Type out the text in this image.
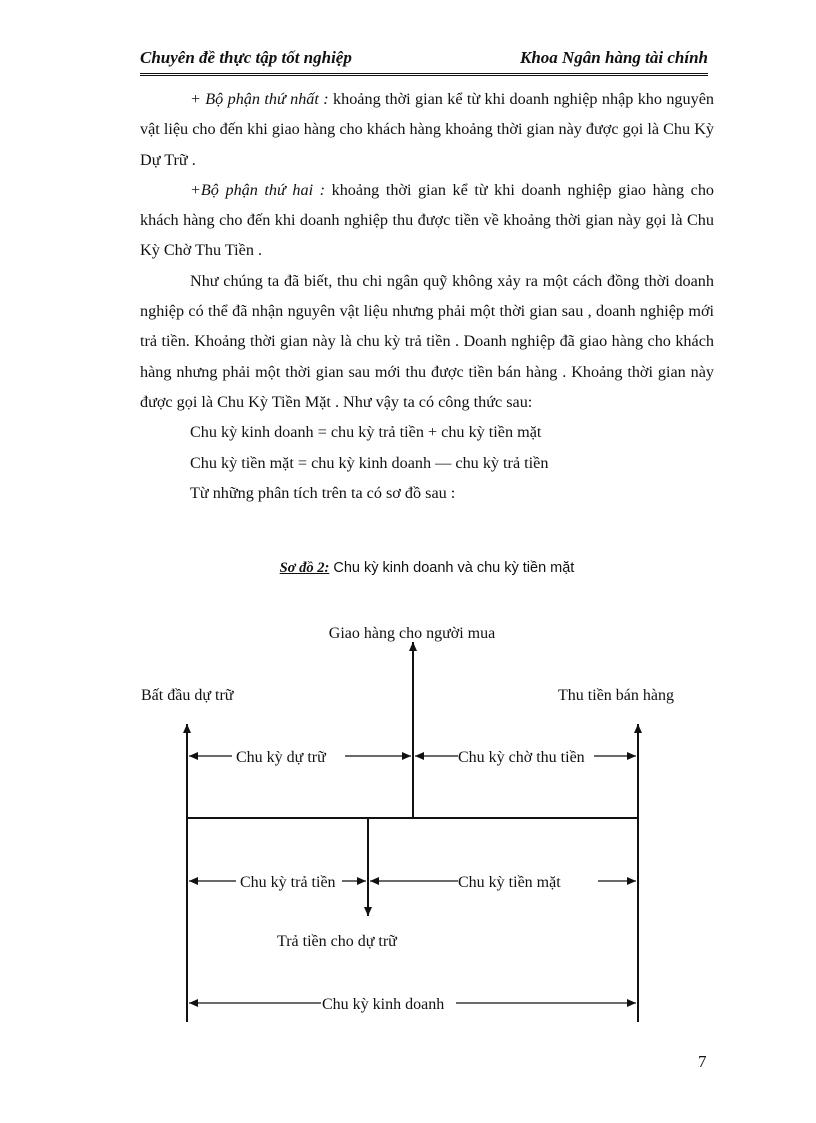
Chuyên đề thực tập tốt nghiệp	Khoa Ngân hàng tài chính

+ Bộ phận thứ nhất : khoảng thời gian kể từ khi doanh nghiệp nhập kho nguyên vật liệu cho đến khi giao hàng cho khách hàng khoảng thời gian này được gọi là Chu Kỳ Dự Trữ .

+Bộ phận thứ hai : khoảng thời gian kể từ khi doanh nghiệp giao hàng cho khách hàng cho đến khi doanh nghiệp thu được tiền về khoảng thời gian này gọi là Chu Kỳ Chờ Thu Tiền .

Như chúng ta đã biết, thu chi ngân quỹ không xảy ra một cách đồng thời doanh nghiệp có thể đã nhận nguyên vật liệu nhưng phải một thời gian sau , doanh nghiệp mới trả tiền. Khoảng thời gian này là chu kỳ trả tiền . Doanh nghiệp đã giao hàng cho khách hàng nhưng phải một thời gian sau mới thu được tiền bán hàng . Khoảng thời gian này được gọi là Chu Kỳ Tiền Mặt . Như vậy ta có công thức sau:

Chu kỳ kinh doanh = chu kỳ trả tiền + chu kỳ tiền mặt

Chu kỳ tiền mặt = chu kỳ kinh doanh — chu kỳ trả tiền

Từ những phân tích trên ta có sơ đồ sau :

Sơ đồ 2: Chu kỳ kinh doanh và chu kỳ tiền mặt
Giao hàng cho người mua
Bất đầu dự trữ	Thu tiền bán hàng
Chu kỳ dự trữ	Chu kỳ chờ thu tiền
Chu kỳ trả tiền	Chu kỳ tiền mặt
Trả tiền cho dự trữ
Chu kỳ kinh doanh
7
